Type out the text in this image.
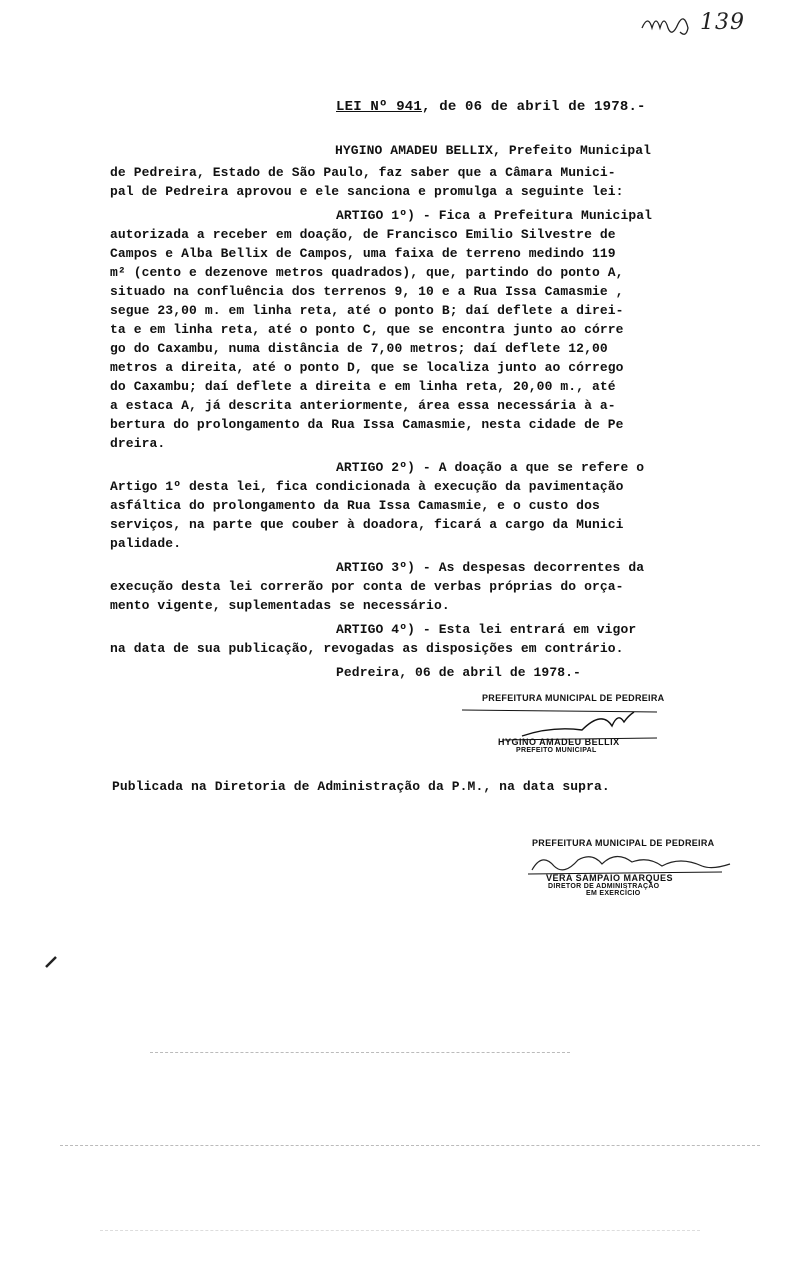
139
LEI Nº 941, de 06 de abril de 1978.-
HYGINO AMADEU BELLIX, Prefeito Municipal
de Pedreira, Estado de São Paulo, faz saber que a Câmara Munici-
pal de Pedreira aprovou e ele sanciona e promulga a seguinte lei:
ARTIGO 1º) - Fica a Prefeitura Municipal
autorizada a receber em doação, de Francisco Emilio Silvestre de
Campos e Alba Bellix de Campos, uma faixa de terreno medindo 119
m² (cento e dezenove metros quadrados), que, partindo do ponto A,
situado na confluência dos terrenos 9, 10 e a Rua Issa Camasmie ,
segue 23,00 m. em linha reta, até o ponto B; daí deflete a direi-
ta e em linha reta, até o ponto C, que se encontra junto ao córre
go do Caxambu, numa distância de 7,00 metros; daí deflete 12,00
metros a direita, até o ponto D, que se localiza junto ao córrego
do Caxambu; daí deflete a direita e em linha reta, 20,00 m., até
a estaca A, já descrita anteriormente, área essa necessária à a-
bertura do prolongamento da Rua Issa Camasmie, nesta cidade de Pe
dreira.
ARTIGO 2º) - A doação a que se refere o
Artigo 1º desta lei, fica condicionada à execução da pavimentação
asfáltica do prolongamento da Rua Issa Camasmie, e o custo dos
serviços, na parte que couber à doadora, ficará a cargo da Munici
palidade.
ARTIGO 3º) - As despesas decorrentes da
execução desta lei correrão por conta de verbas próprias do orça-
mento vigente, suplementadas se necessário.
ARTIGO 4º) - Esta lei entrará em vigor
na data de sua publicação, revogadas as disposições em contrário.
Pedreira, 06 de abril de 1978.-
PREFEITURA MUNICIPAL DE PEDREIRA
HYGINO AMADEU BELLIX
PREFEITO MUNICIPAL
Publicada na Diretoria de Administração da P.M., na data supra.
PREFEITURA MUNICIPAL DE PEDREIRA
VERA SAMPAIO MARQUES
DIRETOR DE ADMINISTRAÇÃO
EM EXERCÍCIO
